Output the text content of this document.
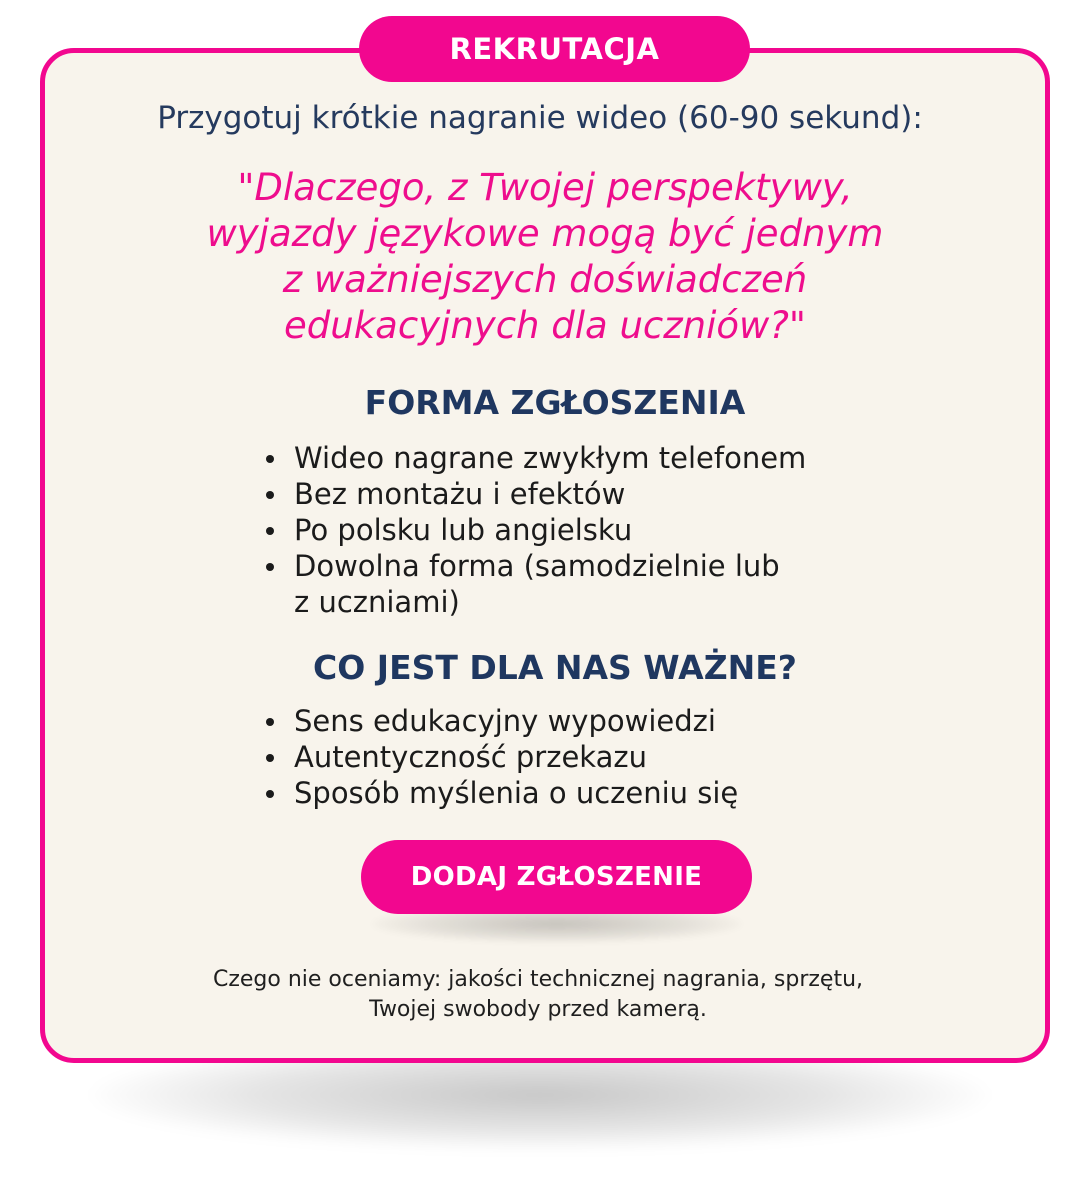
REKRUTACJA
Przygotuj krótkie nagranie wideo (60-90 sekund):
"Dlaczego, z Twojej perspektywy,
wyjazdy językowe mogą być jednym
z ważniejszych doświadczeń
edukacyjnych dla uczniów?"
FORMA ZGŁOSZENIA
Wideo nagrane zwykłym telefonem
Bez montażu i efektów
Po polsku lub angielsku
Dowolna forma (samodzielnie lub z uczniami)
CO JEST DLA NAS WAŻNE?
Sens edukacyjny wypowiedzi
Autentyczność przekazu
Sposób myślenia o uczeniu się
DODAJ ZGŁOSZENIE
Czego nie oceniamy: jakości technicznej nagrania, sprzętu,
Twojej swobody przed kamerą.
